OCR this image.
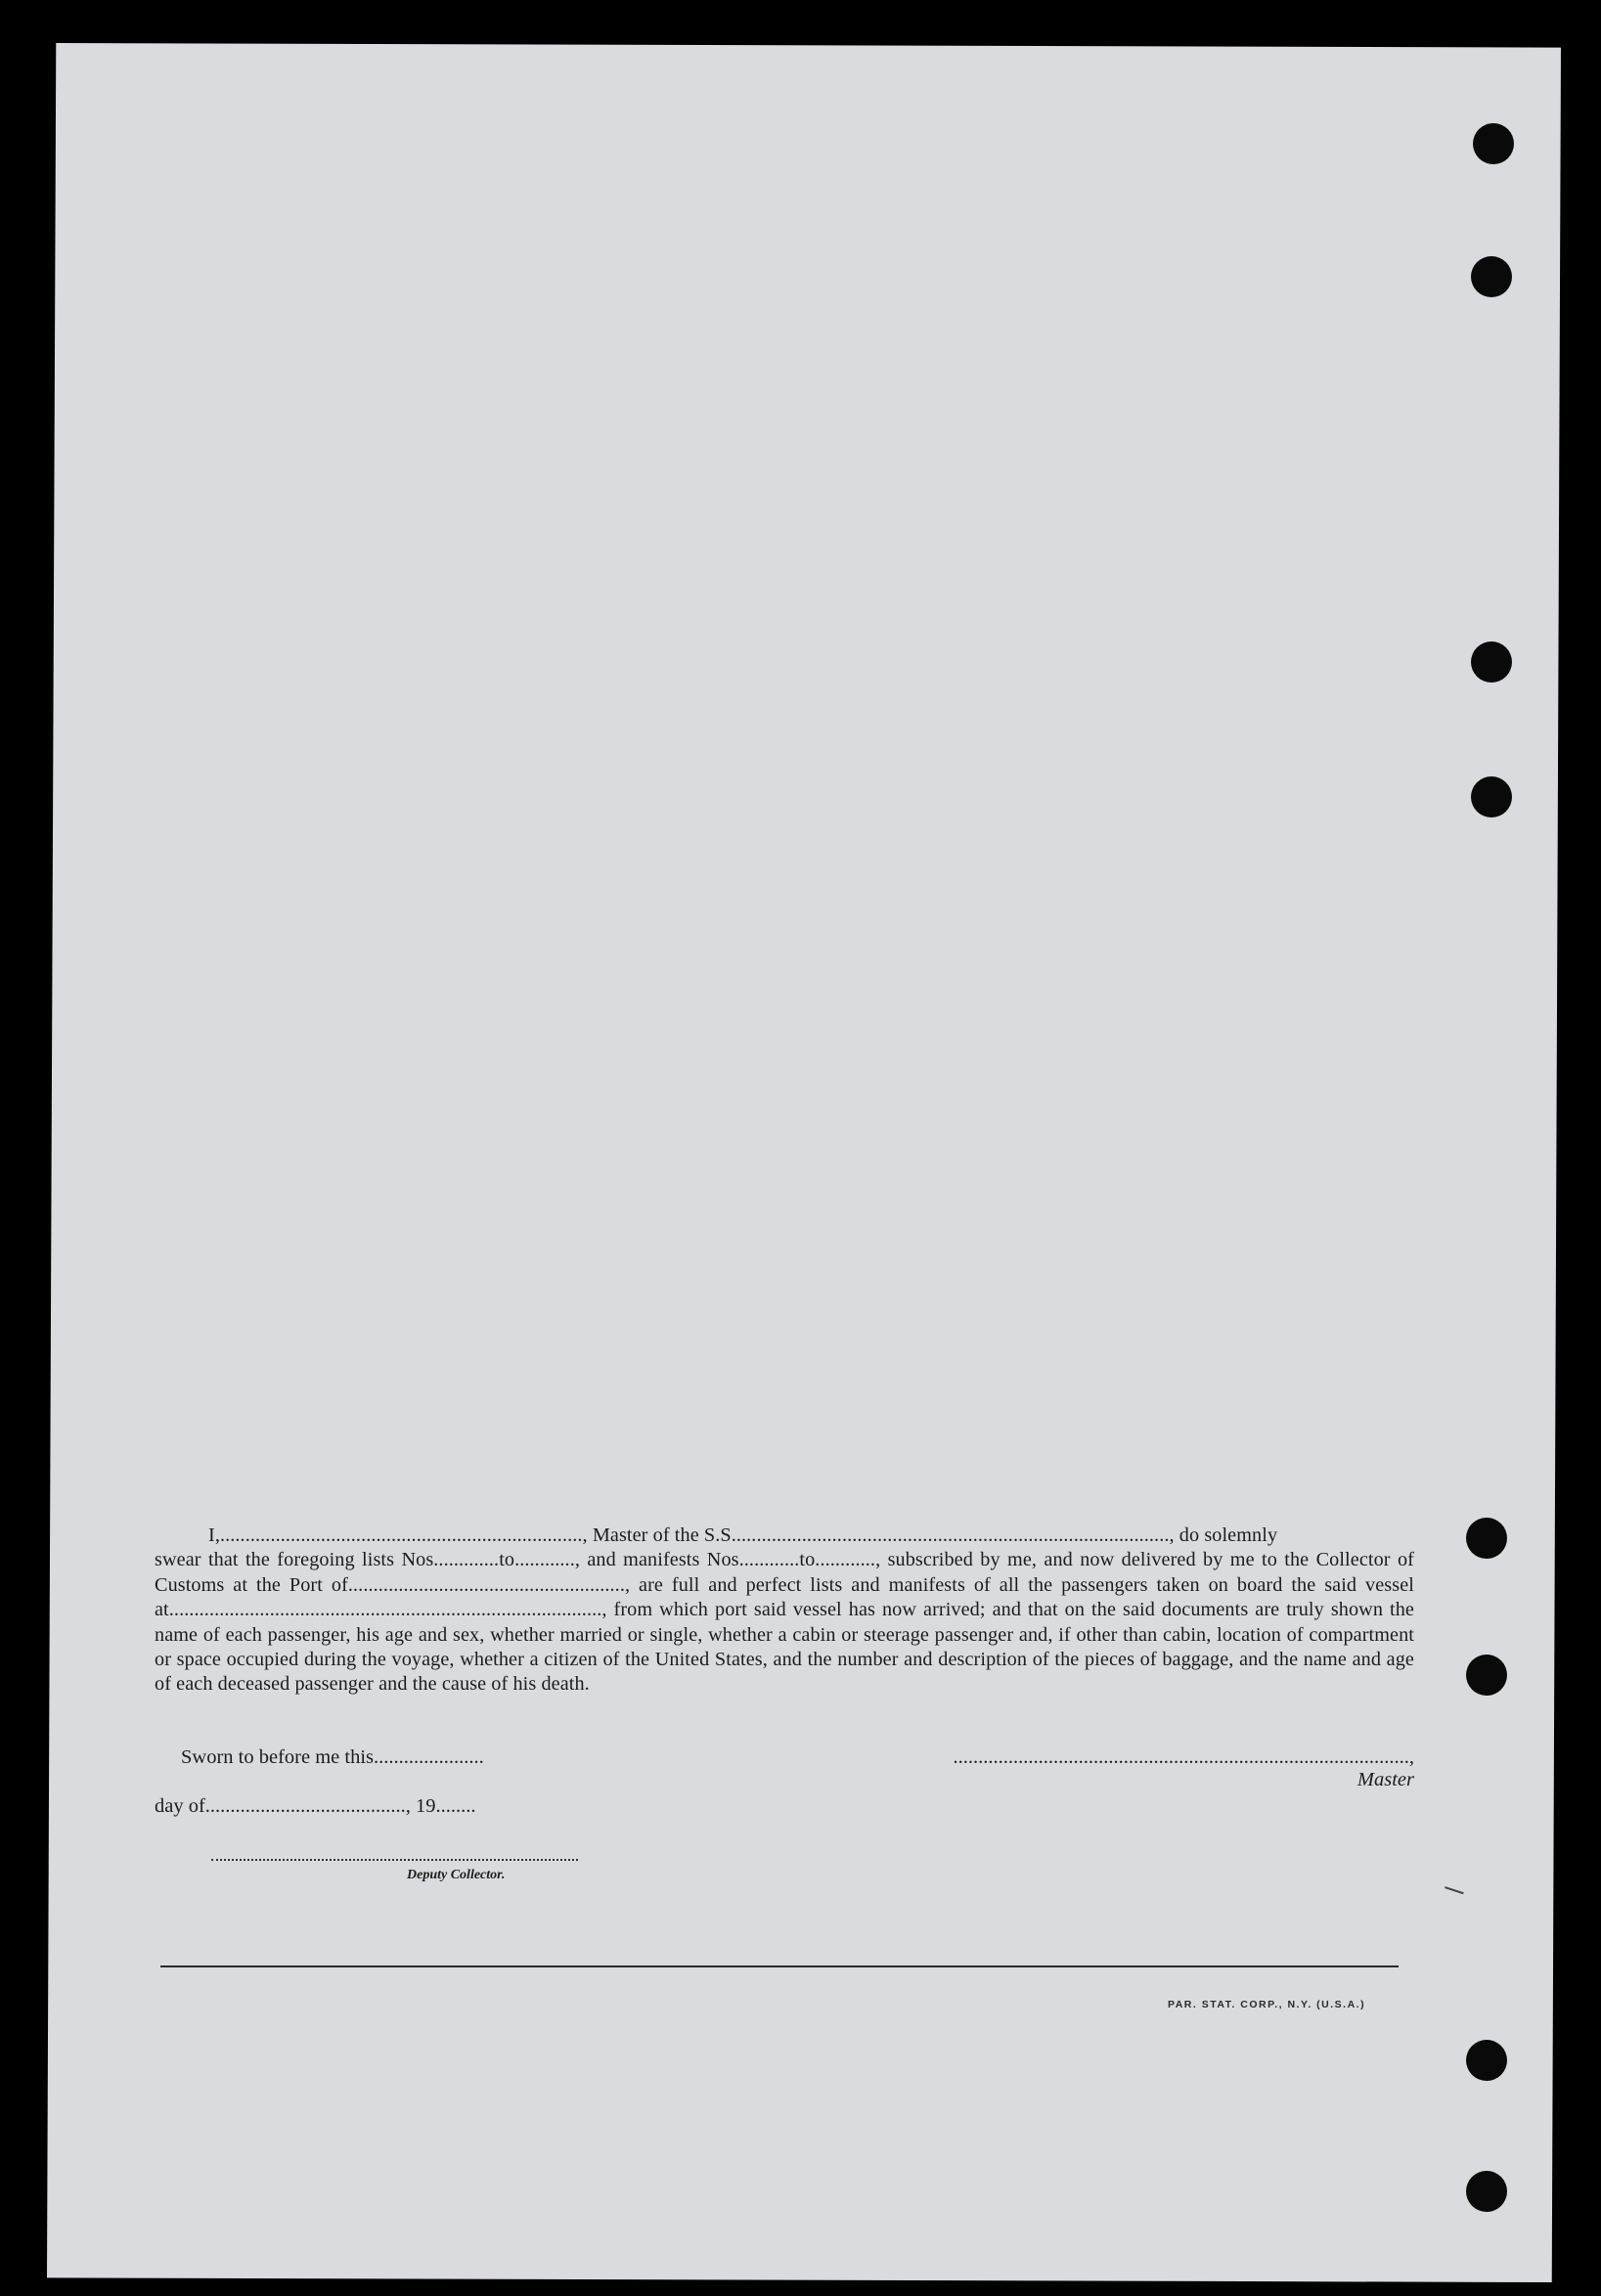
I,........................................................................, Master of the S.S......................................................................................., do solemnly

swear that the foregoing lists Nos.............to............, and manifests Nos............to............, subscribed by me, and now delivered by me to the Collector of Customs at the Port of......................................................., are full and perfect lists and manifests of all the passengers taken on board the said vessel at......................................................................................, from which port said vessel has now arrived; and that on the said documents are truly shown the name of each passenger, his age and sex, whether married or single, whether a cabin or steerage passenger and, if other than cabin, location of compartment or space occupied during the voyage, whether a citizen of the United States, and the number and description of the pieces of baggage, and the name and age of each deceased passenger and the cause of his death.

Sworn to before me this......................	..........................................................................................., Master
day of........................................, 19........
Deputy Collector.
PAR. STAT. CORP., N.Y. (U.S.A.)
